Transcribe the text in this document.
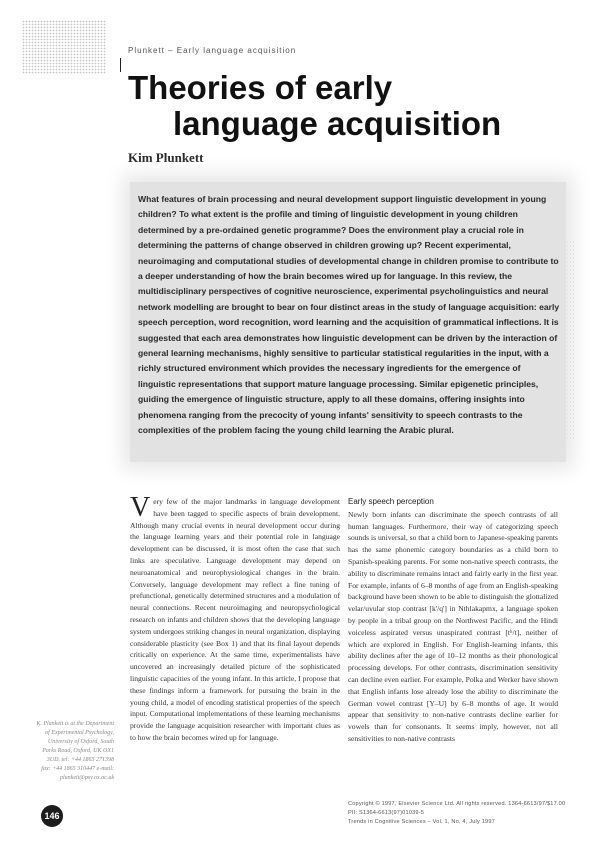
Plunkett – Early language acquisition
Theories of early
language acquisition
Kim Plunkett

What features of brain processing and neural development support linguistic development in young children? To what extent is the profile and timing of linguistic development in young children determined by a pre-ordained genetic programme? Does the environment play a crucial role in determining the patterns of change observed in children growing up? Recent experimental, neuroimaging and computational studies of developmental change in children promise to contribute to a deeper understanding of how the brain becomes wired up for language. In this review, the multidisciplinary perspectives of cognitive neuroscience, experimental psycholinguistics and neural network modelling are brought to bear on four distinct areas in the study of language acquisition: early speech perception, word recognition, word learning and the acquisition of grammatical inflections. It is suggested that each area demonstrates how linguistic development can be driven by the interaction of general learning mechanisms, highly sensitive to particular statistical regularities in the input, with a richly structured environment which provides the necessary ingredients for the emergence of linguistic representations that support mature language processing. Similar epigenetic principles, guiding the emergence of linguistic structure, apply to all these domains, offering insights into phenomena ranging from the precocity of young infants' sensitivity to speech contrasts to the complexities of the problem facing the young child learning the Arabic plural.

V ery few of the major landmarks in language development have been tagged to specific aspects of brain development. Although many crucial events in neural development occur during the language learning years and their potential role in language development can be discussed, it is most often the case that such links are speculative. Language development may depend on neuroanatomical and neurophysiological changes in the brain. Conversely, language development may reflect a fine tuning of prefunctional, genetically determined structures and a modulation of neural connections. Recent neuroimaging and neuropsychological research on infants and children shows that the developing language system undergoes striking changes in neural organization, displaying considerable plasticity (see Box 1) and that its final layout depends critically on experience. At the same time, experimentalists have uncovered an increasingly detailed picture of the sophisticated linguistic capacities of the young infant. In this article, I propose that these findings inform a framework for pursuing the brain in the young child, a model of encoding statistical properties of the speech input. Computational implementations of these learning mechanisms provide the language acquisition researcher with important clues as to how the brain becomes wired up for language.

Early speech perception

Newly born infants can discriminate the speech contrasts of all human languages. Furthermore, their way of categorizing speech sounds is universal, so that a child born to Japanese-speaking parents has the same phonemic category boundaries as a child born to Spanish-speaking parents. For some non-native speech contrasts, the ability to discriminate remains intact and fairly early in the first year. For example, infants of 6–8 months of age from an English-speaking background have been shown to be able to distinguish the glottalized velar/uvular stop contrast [k'/q'] in Nthlakapmx, a language spoken by people in a tribal group on the Northwest Pacific, and the Hindi voiceless aspirated versus unaspirated contrast [tʰ/t], neither of which are explored in English. For English-learning infants, this ability declines after the age of 10–12 months as their phonological processing develops. For other contrasts, discrimination sensitivity can decline even earlier. For example, Polka and Werker have shown that English infants lose already lose the ability to discriminate the German vowel contrast [Y–U] by 6–8 months of age. It would appear that sensitivity to non-native contrasts decline earlier for vowels than for consonants. It seems imply, however, not all sensitivities to non-native contrasts

K. Plunkett is at the Department of Experimental Psychology, University of Oxford, South Parks Road, Oxford, UK OX1 3UD. tel: +44 1865 271398 fax: +44 1865 310447 e-mail: plunkett@psy.ox.ac.uk
Copyright © 1997, Elsevier Science Ltd. All rights reserved. 1364-6613/97/$17.00 PII: S1364-6613(97)01039-5
Trends in Cognitive Sciences – Vol. 1, No. 4, July 1997
146
